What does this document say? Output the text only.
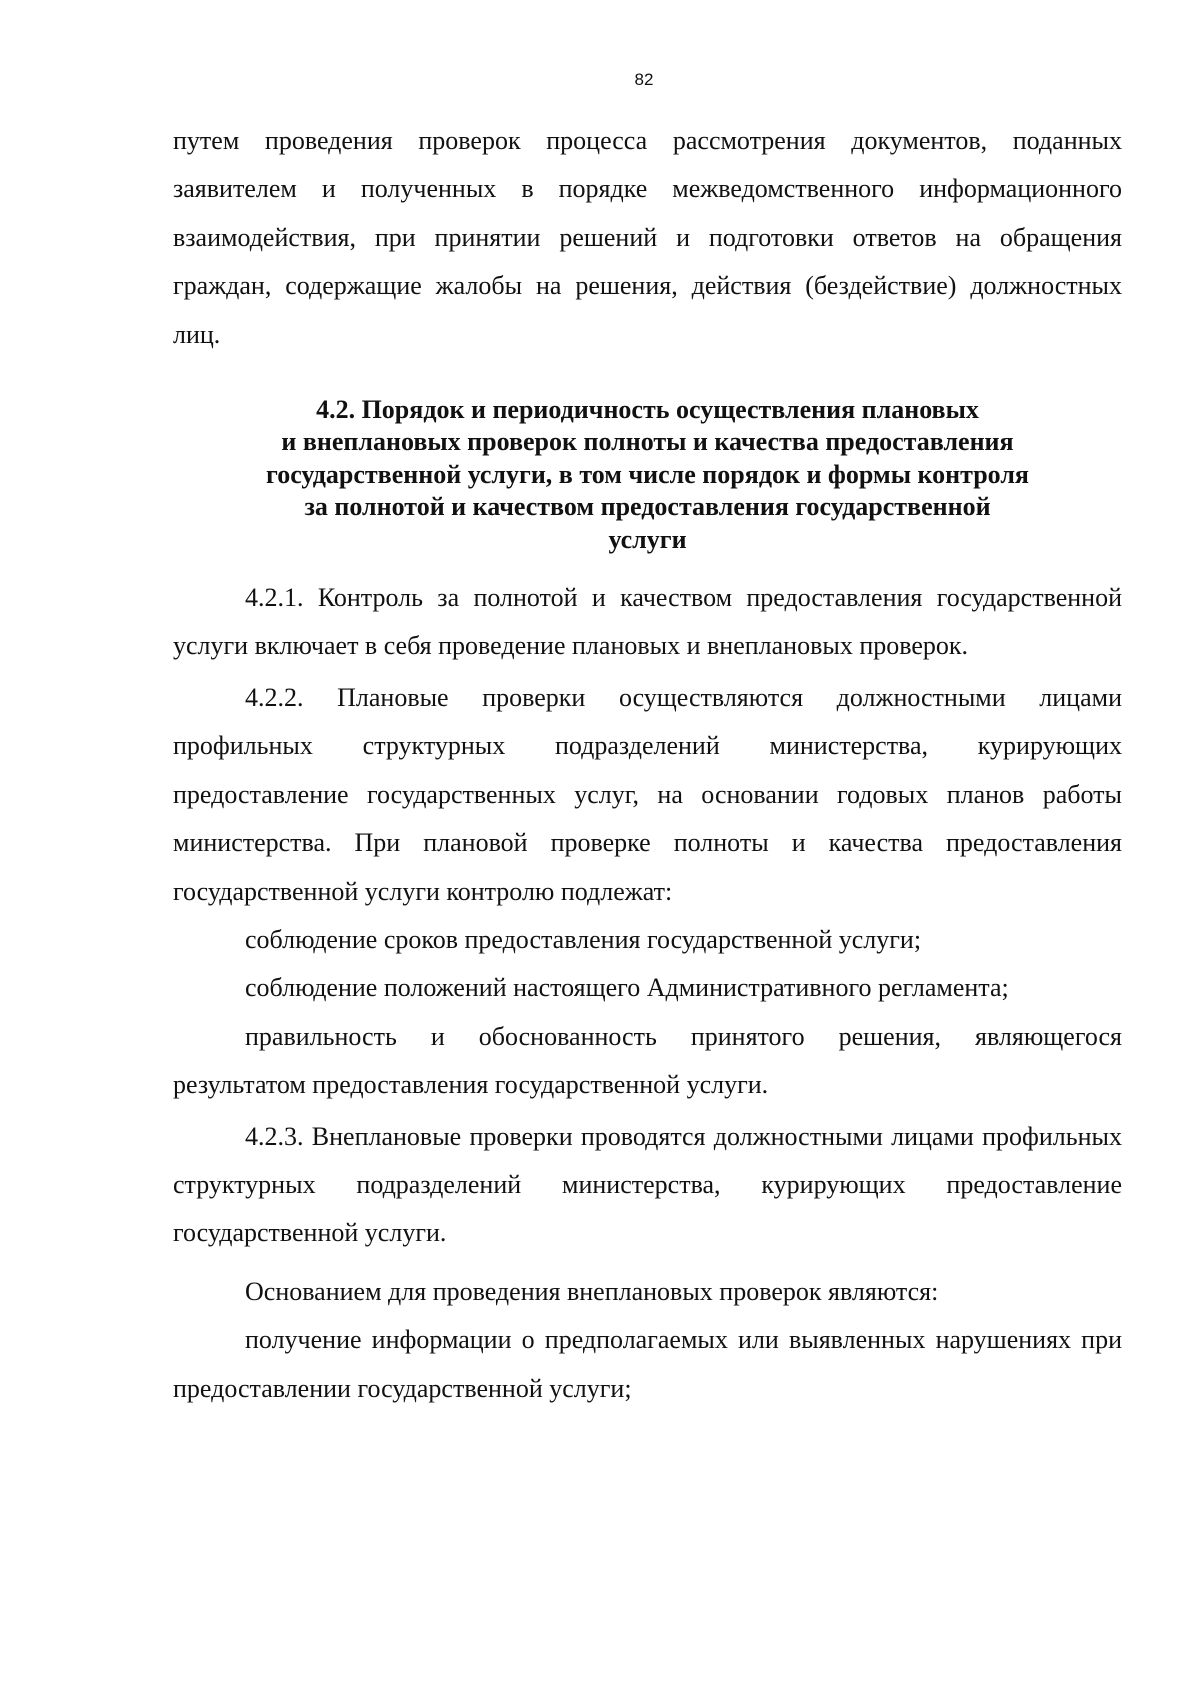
82

путем проведения проверок процесса рассмотрения документов, поданных заявителем и полученных в порядке межведомственного информационного взаимодействия, при принятии решений и подготовки ответов на обращения граждан, содержащие жалобы на решения, действия (бездействие) должностных лиц.

4.2. Порядок и периодичность осуществления плановых
и внеплановых проверок полноты и качества предоставления
государственной услуги, в том числе порядок и формы контроля
за полнотой и качеством предоставления государственной
услуги

4.2.1. Контроль за полнотой и качеством предоставления государственной услуги включает в себя проведение плановых и внеплановых проверок.

4.2.2. Плановые проверки осуществляются должностными лицами профильных структурных подразделений министерства, курирующих предоставление государственных услуг, на основании годовых планов работы министерства. При плановой проверке полноты и качества предоставления государственной услуги контролю подлежат:

соблюдение сроков предоставления государственной услуги;

соблюдение положений настоящего Административного регламента;

правильность и обоснованность принятого решения, являющегося результатом предоставления государственной услуги.

4.2.3. Внеплановые проверки проводятся должностными лицами профильных структурных подразделений министерства, курирующих предоставление государственной услуги.

Основанием для проведения внеплановых проверок являются:

получение информации о предполагаемых или выявленных нарушениях при предоставлении государственной услуги;
